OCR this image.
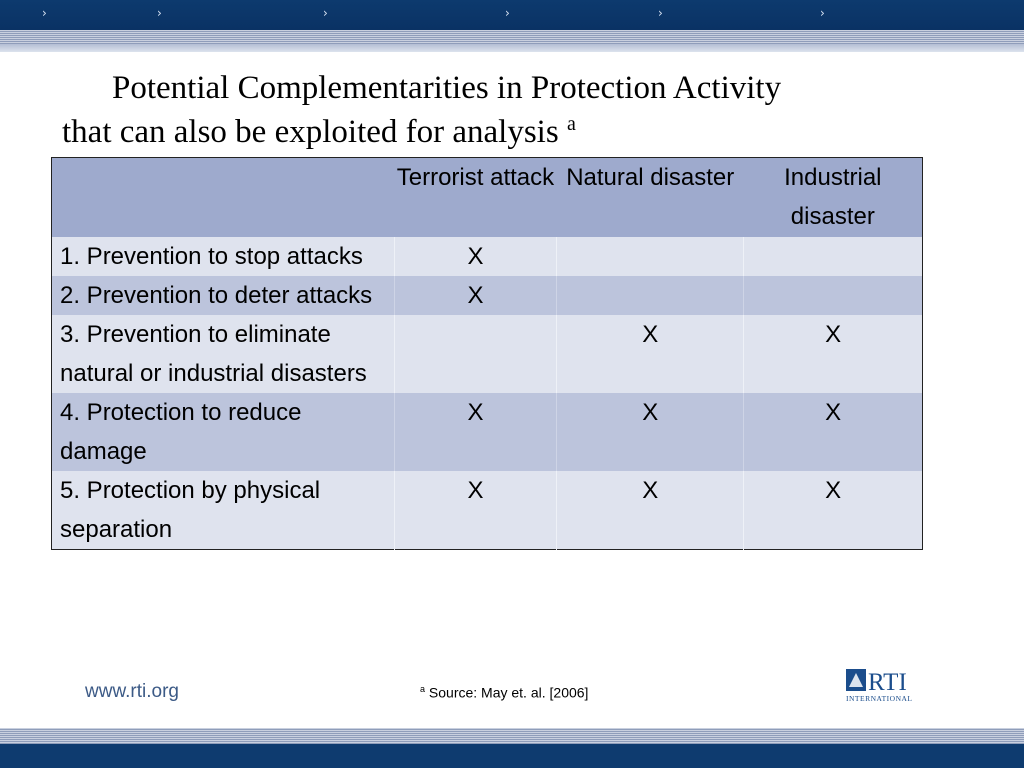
›	›	›	›	›	›
Potential Complementarities in Protection Activity
that can also be exploited for analysis $^a$
	Terrorist attack	Natural disaster	Industrial disaster
1. Prevention to stop attacks	X		
2. Prevention to deter attacks	X		
3. Prevention to eliminate natural or industrial disasters		X	X
4. Protection to reduce damage	X	X	X
5. Protection by physical separation	X	X	X
www.rti.org	$^a$ Source: May et. al. [2006]	RTI
INTERNATIONAL
